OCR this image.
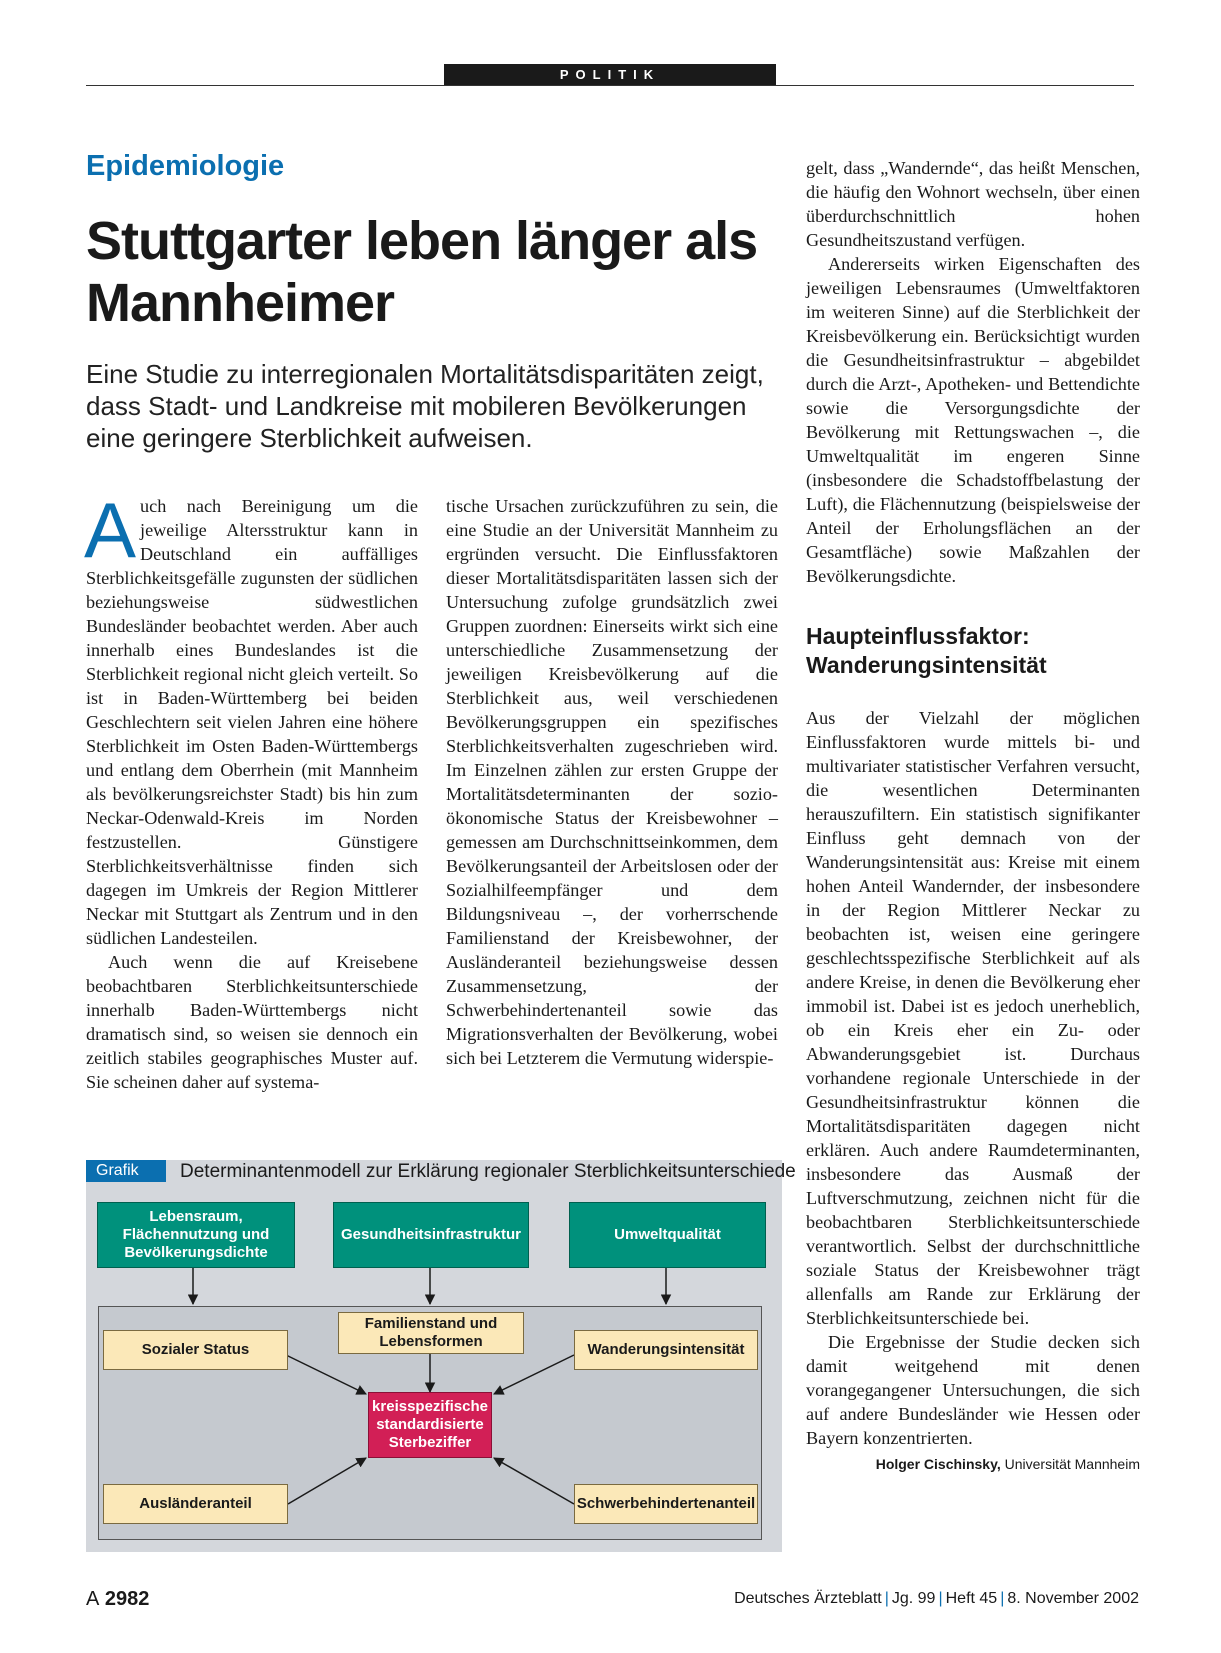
POLITIK
Epidemiologie
Stuttgarter leben länger als Mannheimer
Eine Studie zu interregionalen Mortalitätsdisparitäten zeigt, dass Stadt- und Landkreise mit mobileren Bevölkerungen eine geringere Sterblichkeit aufweisen.

Auch nach Bereinigung um die jeweilige Altersstruktur kann in Deutschland ein auffälliges Sterblichkeitsgefälle zugunsten der südlichen beziehungsweise südwestlichen Bundesländer beobachtet werden. Aber auch innerhalb eines Bundeslandes ist die Sterblichkeit regional nicht gleich verteilt. So ist in Baden-Württemberg bei beiden Geschlechtern seit vielen Jahren eine höhere Sterblichkeit im Osten Baden-Württembergs und entlang dem Oberrhein (mit Mannheim als bevölkerungsreichster Stadt) bis hin zum Neckar-Odenwald-Kreis im Norden festzustellen. Günstigere Sterblichkeitsverhältnisse finden sich dagegen im Umkreis der Region Mittlerer Neckar mit Stuttgart als Zentrum und in den südlichen Landesteilen.

Auch wenn die auf Kreisebene beobachtbaren Sterblichkeitsunterschiede innerhalb Baden-Württembergs nicht dramatisch sind, so weisen sie dennoch ein zeitlich stabiles geographisches Muster auf. Sie scheinen daher auf systema-

tische Ursachen zurückzuführen zu sein, die eine Studie an der Universität Mannheim zu ergründen versucht. Die Einflussfaktoren dieser Mortalitätsdisparitäten lassen sich der Untersuchung zufolge grundsätzlich zwei Gruppen zuordnen: Einerseits wirkt sich eine unterschiedliche Zusammensetzung der jeweiligen Kreisbevölkerung auf die Sterblichkeit aus, weil verschiedenen Bevölkerungsgruppen ein spezifisches Sterblichkeitsverhalten zugeschrieben wird. Im Einzelnen zählen zur ersten Gruppe der Mortalitätsdeterminanten der sozio-ökonomische Status der Kreisbewohner – gemessen am Durchschnittseinkommen, dem Bevölkerungsanteil der Arbeitslosen oder der Sozialhilfeempfänger und dem Bildungsniveau –, der vorherrschende Familienstand der Kreisbewohner, der Ausländeranteil beziehungsweise dessen Zusammensetzung, der Schwerbehindertenanteil sowie das Migrationsverhalten der Bevölkerung, wobei sich bei Letzterem die Vermutung widerspie-

gelt, dass „Wandernde“, das heißt Menschen, die häufig den Wohnort wechseln, über einen überdurchschnittlich hohen Gesundheitszustand verfügen.

Andererseits wirken Eigenschaften des jeweiligen Lebensraumes (Umweltfaktoren im weiteren Sinne) auf die Sterblichkeit der Kreisbevölkerung ein. Berücksichtigt wurden die Gesundheitsinfrastruktur – abgebildet durch die Arzt-, Apotheken- und Bettendichte sowie die Versorgungsdichte der Bevölkerung mit Rettungswachen –, die Umweltqualität im engeren Sinne (insbesondere die Schadstoffbelastung der Luft), die Flächennutzung (beispielsweise der Anteil der Erholungsflächen an der Gesamtfläche) sowie Maßzahlen der Bevölkerungsdichte.

Haupteinflussfaktor: Wanderungsintensität

Aus der Vielzahl der möglichen Einflussfaktoren wurde mittels bi- und multivariater statistischer Verfahren versucht, die wesentlichen Determinanten herauszufiltern. Ein statistisch signifikanter Einfluss geht demnach von der Wanderungsintensität aus: Kreise mit einem hohen Anteil Wandernder, der insbesondere in der Region Mittlerer Neckar zu beobachten ist, weisen eine geringere geschlechtsspezifische Sterblichkeit auf als andere Kreise, in denen die Bevölkerung eher immobil ist. Dabei ist es jedoch unerheblich, ob ein Kreis eher ein Zu- oder Abwanderungsgebiet ist. Durchaus vorhandene regionale Unterschiede in der Gesundheitsinfrastruktur können die Mortalitätsdisparitäten dagegen nicht erklären. Auch andere Raumdeterminanten, insbesondere das Ausmaß der Luftverschmutzung, zeichnen nicht für die beobachtbaren Sterblichkeitsunterschiede verantwortlich. Selbst der durchschnittliche soziale Status der Kreisbewohner trägt allenfalls am Rande zur Erklärung der Sterblichkeitsunterschiede bei.

Die Ergebnisse der Studie decken sich damit weitgehend mit denen vorangegangener Untersuchungen, die sich auf andere Bundesländer wie Hessen oder Bayern konzentrierten.

Holger Cischinsky, Universität Mannheim
Grafik	Determinantenmodell zur Erklärung regionaler Sterblichkeitsunterschiede
Lebensraum, Flächennutzung und Bevölkerungsdichte
Gesundheitsinfrastruktur	Umweltqualität
Sozialer Status
Familienstand und Lebensformen	Wanderungsintensität
kreisspezifische standardisierte Sterbeziffer
Ausländeranteil	Schwerbehindertenanteil
A 2982	Deutsches Ärzteblatt | Jg. 99 | Heft 45 | 8. November 2002
